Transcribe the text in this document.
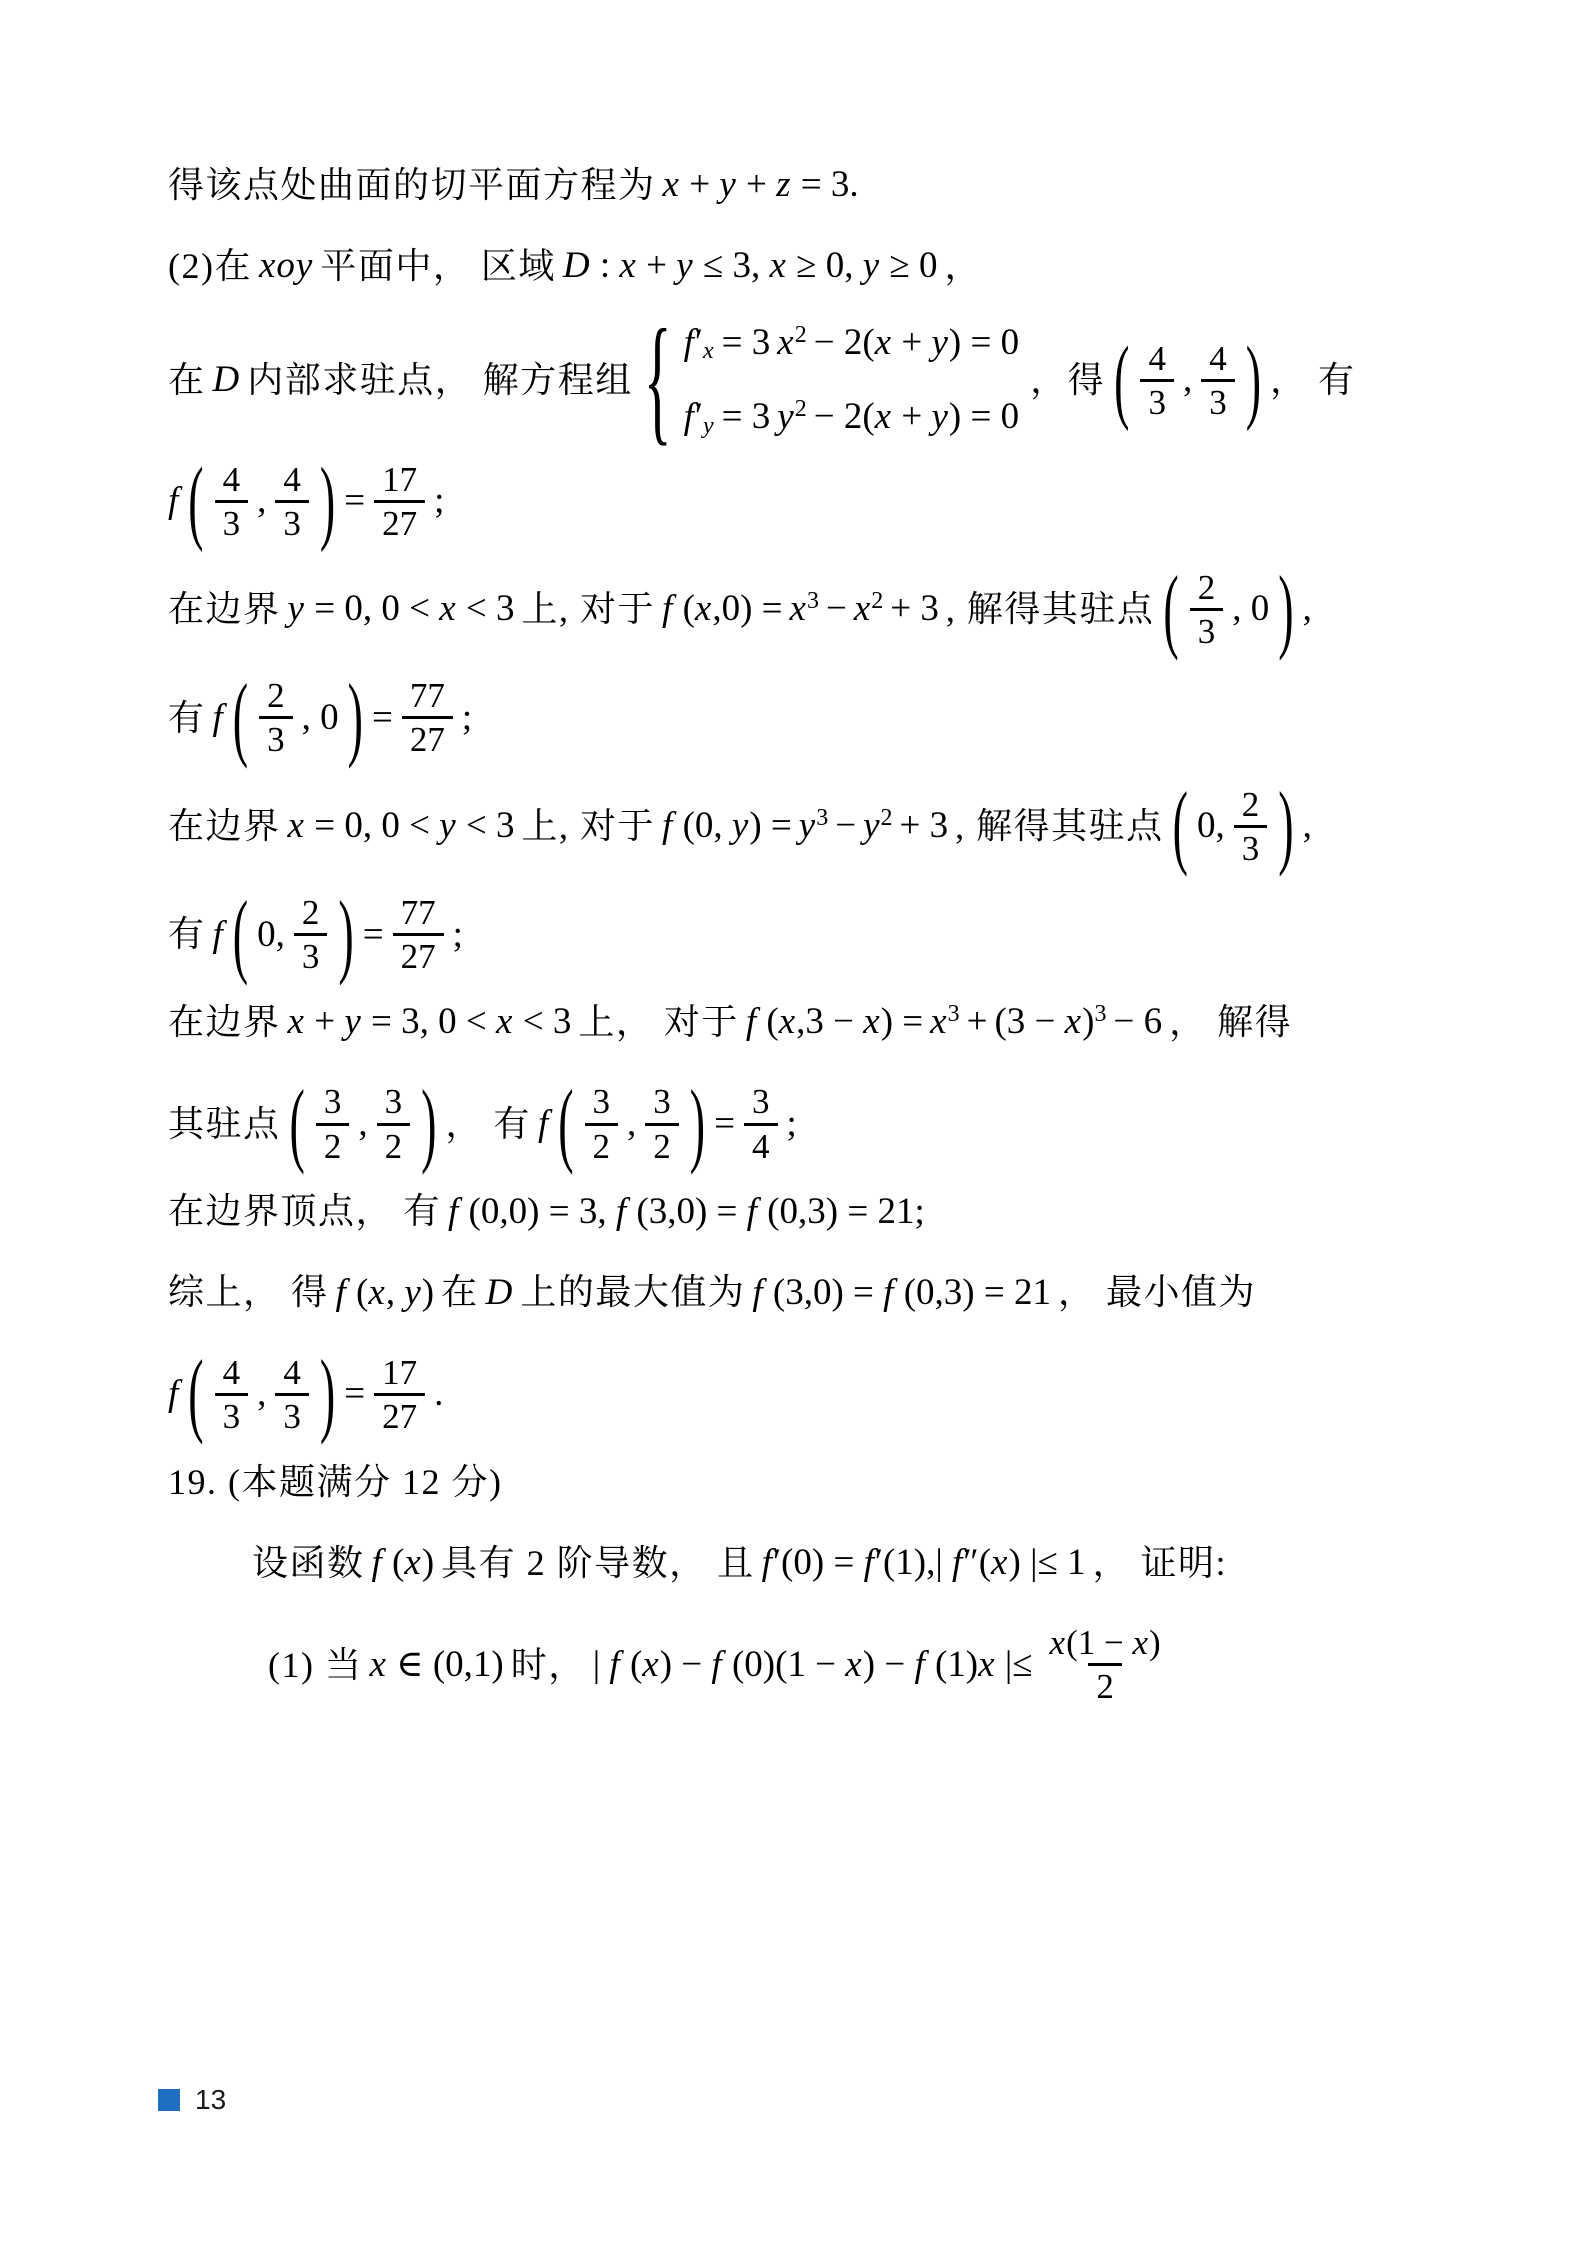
得该点处曲面的切平面方程为 x + y + z = 3.
(2)在 xoy 平面中， 区域 D : x + y ≤ 3, x ≥ 0, y ≥ 0 ，
在 D 内部求驻点， 解方程组 { f′ $_x$ = 3 x $^2$ − 2(x + y) = 0
f′ $_y$ = 3 y $^2$ − 2(x + y) = 0
，得 ( $\frac{4}{3}$ , $\frac{4}{3}$ ) ， 有
f ( $\frac{4}{3}$ , $\frac{4}{3}$ ) = $\frac{17}{27}$ ;
在边界 y = 0, 0 < x < 3 上, 对于 f (x,0) = x $^3$ − x $^2$ + 3 , 解得其驻点 ( $\frac{2}{3}$ , 0 ) ,
有 f ( $\frac{2}{3}$ , 0 ) = $\frac{77}{27}$ ;
在边界 x = 0, 0 < y < 3 上, 对于 f (0, y) = y $^3$ − y $^2$ + 3 , 解得其驻点 ( 0, $\frac{2}{3}$ ) ,
有 f ( 0, $\frac{2}{3}$ ) = $\frac{77}{27}$ ;
在边界 x + y = 3, 0 < x < 3 上， 对于 f (x,3 − x) = x $^3$ + (3 − x) $^3$ − 6 ， 解得
其驻点 ( $\frac{3}{2}$ , $\frac{3}{2}$ ) ， 有 f ( $\frac{3}{2}$ , $\frac{3}{2}$ ) = $\frac{3}{4}$ ;
在边界顶点， 有 f (0,0) = 3, f (3,0) = f (0,3) = 21;
综上， 得 f (x, y) 在 D 上的最大值为 f (3,0) = f (0,3) = 21 ， 最小值为
f ( $\frac{4}{3}$ , $\frac{4}{3}$ ) = $\frac{17}{27}$ .
19. (本题满分 12 分)
设函数 f (x) 具有 2 阶导数， 且 f′(0) = f′(1),| f″(x) |≤ 1 ， 证明:
(1) 当 x ∈ (0,1) 时， | f (x) − f (0)(1 − x) − f (1)x |≤ $\frac{x(1 - x)}{2}$
13
